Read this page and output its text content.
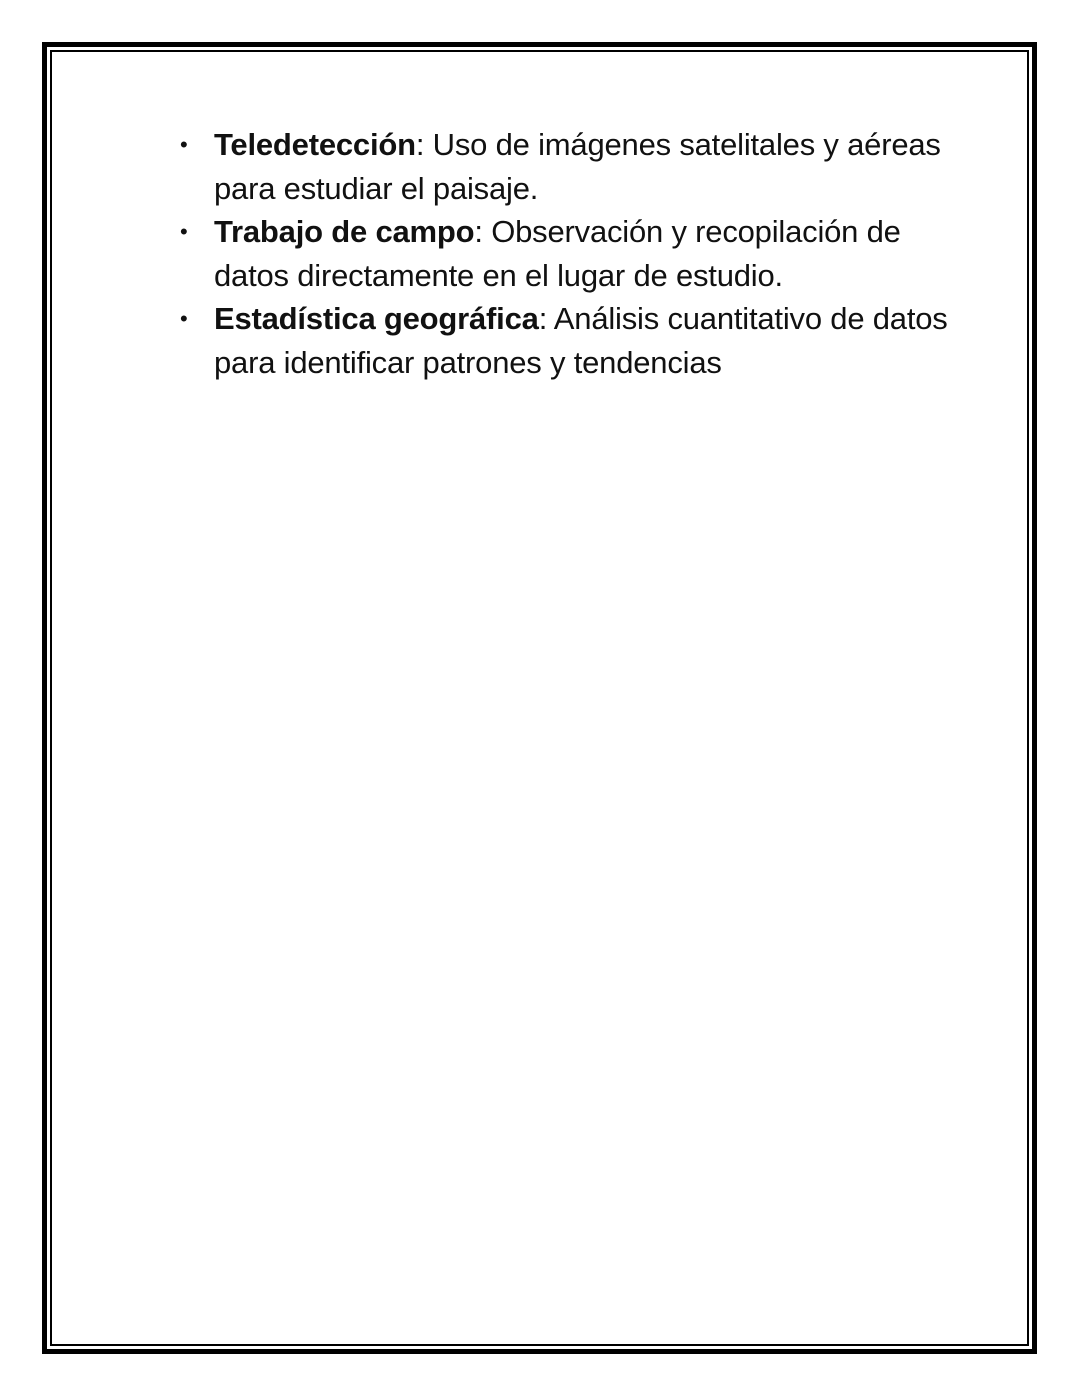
• Teledetección: Uso de imágenes satelitales y aéreas para estudiar el paisaje.
• Trabajo de campo: Observación y recopilación de datos directamente en el lugar de estudio.
• Estadística geográfica: Análisis cuantitativo de datos para identificar patrones y tendencias
